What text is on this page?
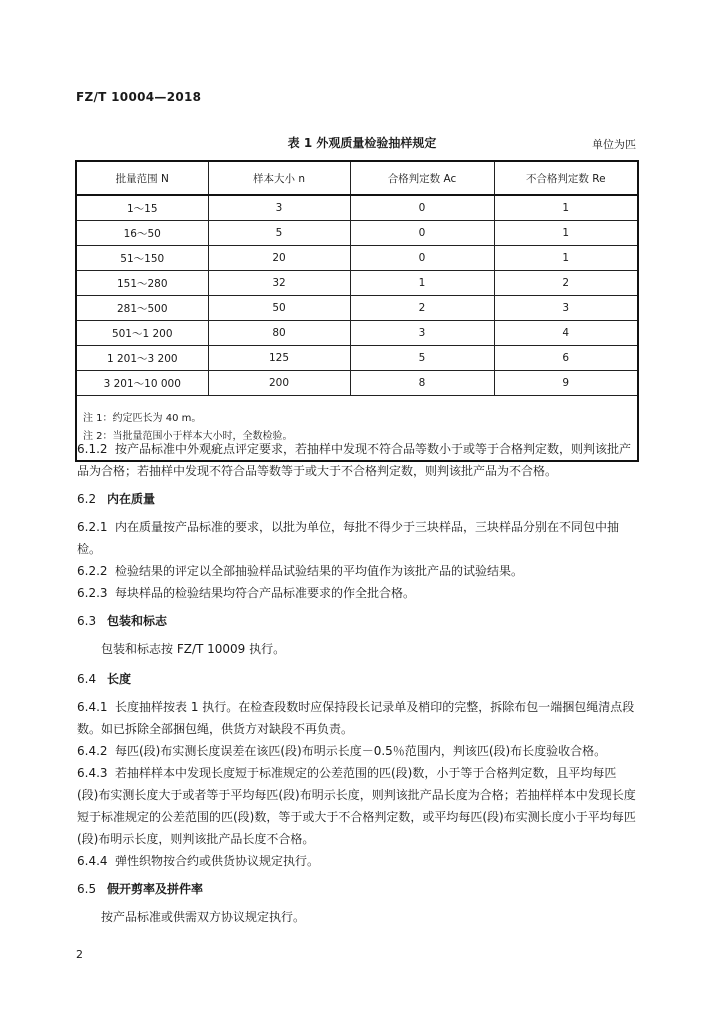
FZ/T 10004—2018
表 1 外观质量检验抽样规定	单位为匹
批量范围 N	样本大小 n	合格判定数 Ac	不合格判定数 Re
1～15	3	0	1
16～50	5	0	1
51～150	20	0	1
151～280	32	1	2
281～500	50	2	3
501～1 200	80	3	4
1 201～3 200	125	5	6
3 201～10 000	200	8	9

注 1：约定匹长为 40 m。
注 2：当批量范围小于样本大小时，全数检验。			

6.1.2 按产品标准中外观疵点评定要求，若抽样中发现不符合品等数小于或等于合格判定数，则判该批产品为合格；若抽样中发现不符合品等数等于或大于不合格判定数，则判该批产品为不合格。

6.2 内在质量

6.2.1 内在质量按产品标准的要求，以批为单位，每批不得少于三块样品，三块样品分别在不同包中抽检。

6.2.2 检验结果的评定以全部抽验样品试验结果的平均值作为该批产品的试验结果。

6.2.3 每块样品的检验结果均符合产品标准要求的作全批合格。

6.3 包装和标志

包装和标志按 FZ/T 10009 执行。

6.4 长度

6.4.1 长度抽样按表 1 执行。在检查段数时应保持段长记录单及梢印的完整，拆除布包一端捆包绳清点段数。如已拆除全部捆包绳，供货方对缺段不再负责。

6.4.2 每匹(段)布实测长度误差在该匹(段)布明示长度－0.5％范围内，判该匹(段)布长度验收合格。

6.4.3 若抽样样本中发现长度短于标准规定的公差范围的匹(段)数，小于等于合格判定数，且平均每匹(段)布实测长度大于或者等于平均每匹(段)布明示长度，则判该批产品长度为合格；若抽样样本中发现长度短于标准规定的公差范围的匹(段)数，等于或大于不合格判定数，或平均每匹(段)布实测长度小于平均每匹(段)布明示长度，则判该批产品长度不合格。

6.4.4 弹性织物按合约或供货协议规定执行。

6.5 假开剪率及拼件率

按产品标准或供需双方协议规定执行。

2
